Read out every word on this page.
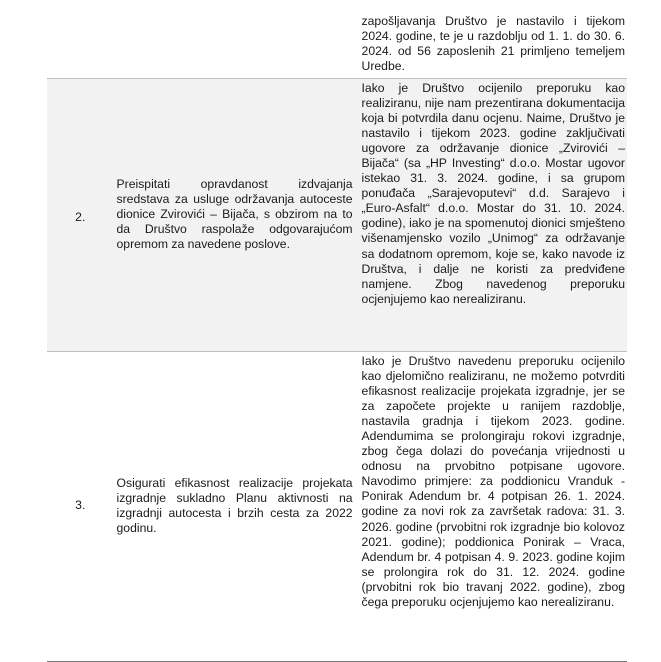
		zapošljavanja Društvo je nastavilo i tijekom 2024. godine, te je u razdoblju od 1. 1. do 30. 6. 2024. od 56 zaposlenih 21 primljeno temeljem Uredbe.

2.	Preispitati opravdanost izdvajanja sredstava za usluge održavanja autoceste dionice Zvirovići – Bijača, s obzirom na to da Društvo raspolaže odgovarajućom opremom za navedene poslove.	Iako je Društvo ocijenilo preporuku kao realiziranu, nije nam prezentirana dokumentacija koja bi potvrdila danu ocjenu. Naime, Društvo je nastavilo i tijekom 2023. godine zaključivati ugovore za održavanje dionice „Zvirovići – Bijača“ (sa „HP Investing“ d.o.o. Mostar ugovor istekao 31. 3. 2024. godine, i sa grupom ponuđača „Sarajevoputevi“ d.d. Sarajevo i „Euro-Asfalt“ d.o.o. Mostar do 31. 10. 2024. godine), iako je na spomenutoj dionici smješteno višenamjensko vozilo „Unimog“ za održavanje sa dodatnom opremom, koje se, kako navode iz Društva, i dalje ne koristi za predviđene namjene. Zbog navedenog preporuku ocjenjujemo kao nerealiziranu.

3.	Osigurati efikasnost realizacije projekata izgradnje sukladno Planu aktivnosti na izgradnji autocesta i brzih cesta za 2022 godinu.	Iako je Društvo navedenu preporuku ocijenilo kao djelomično realiziranu, ne možemo potvrditi efikasnost realizacije projekata izgradnje, jer se za započete projekte u ranijem razdoblje, nastavila gradnja i tijekom 2023. godine. Adendumima se prolongiraju rokovi izgradnje, zbog čega dolazi do povećanja vrijednosti u odnosu na prvobitno potpisane ugovore. Navodimo primjere: za poddionicu Vranduk - Ponirak Adendum br. 4 potpisan 26. 1. 2024. godine za novi rok za završetak radova: 31. 3. 2026. godine (prvobitni rok izgradnje bio kolovoz 2021. godine); poddionica Ponirak – Vraca, Adendum br. 4 potpisan 4. 9. 2023. godine kojim se prolongira rok do 31. 12. 2024. godine (prvobitni rok bio travanj 2022. godine), zbog čega preporuku ocjenjujemo kao nerealiziranu.
